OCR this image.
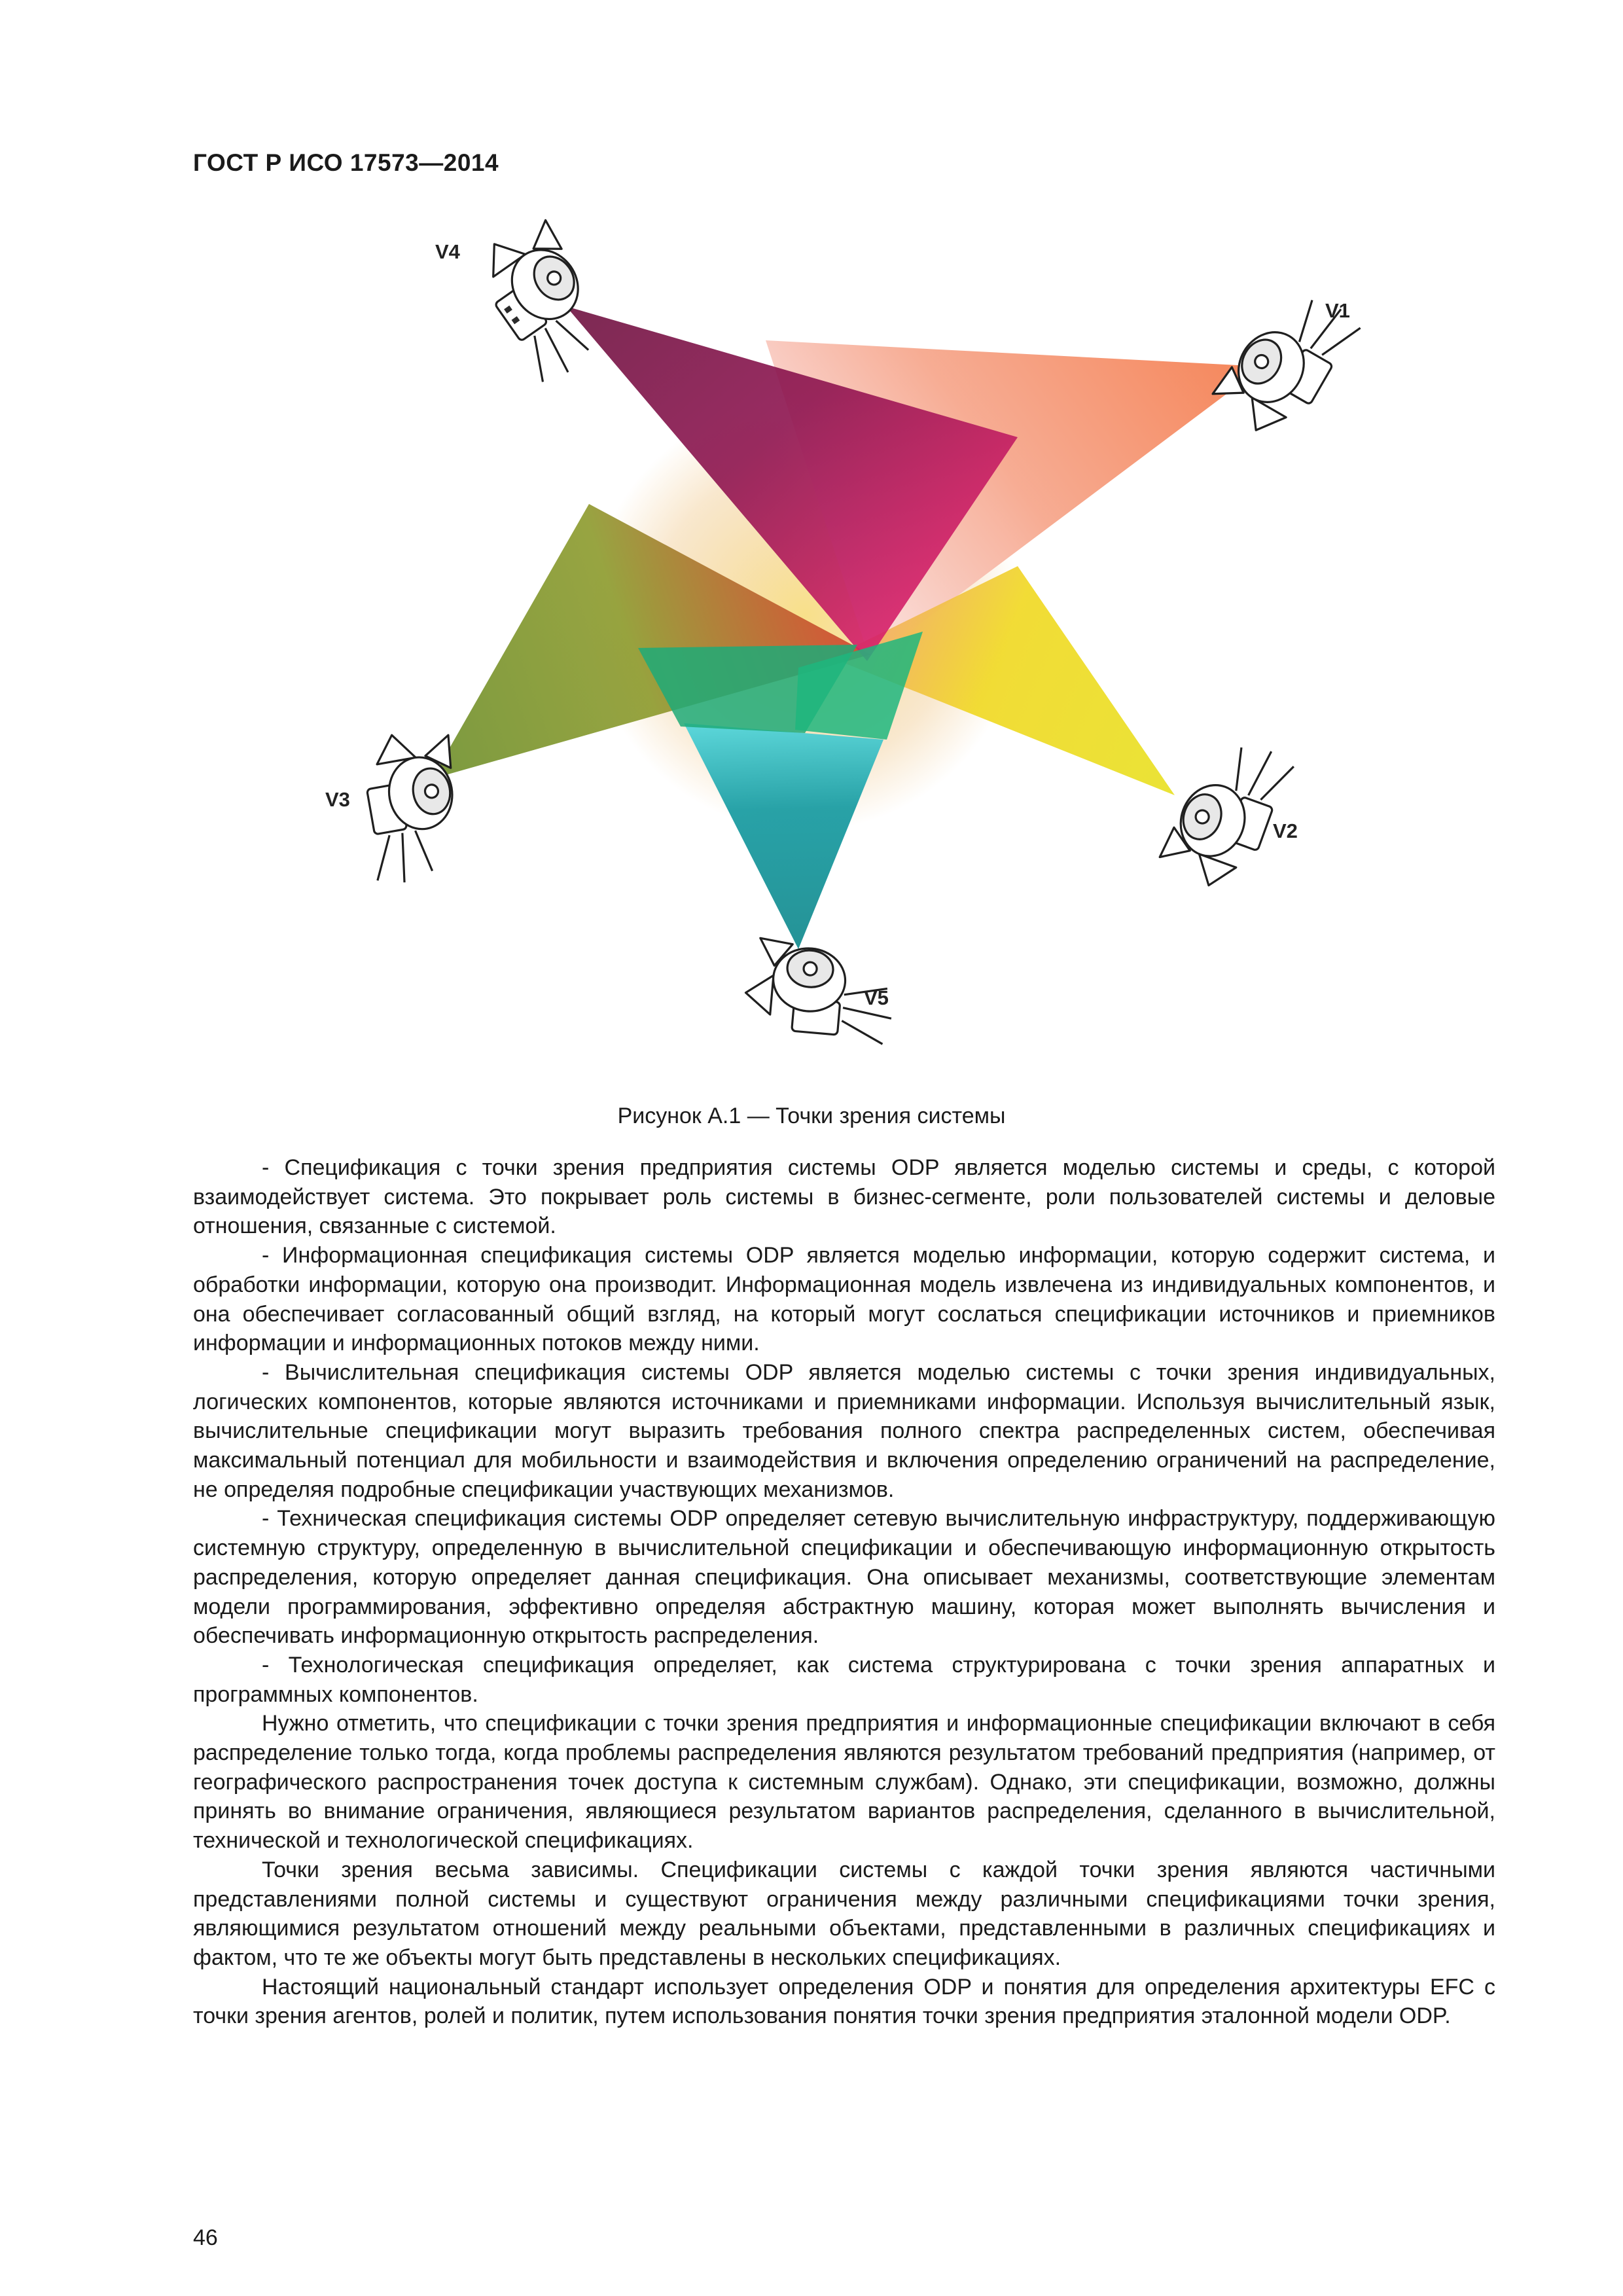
ГОСТ Р ИСО 17573—2014
V4
V1
V3
V2
V5

Рисунок А.1 — Точки зрения системы

- Спецификация с точки зрения предприятия системы ODP является моделью системы и среды, с которой взаимодействует система. Это покрывает роль системы в бизнес-сегменте, роли пользователей системы и деловые отношения, связанные с системой.

- Информационная спецификация системы ODP является моделью информации, которую содержит система, и обработки информации, которую она производит. Информационная модель извлечена из индивидуальных компонентов, и она обеспечивает согласованный общий взгляд, на который могут сослаться спецификации источников и приемников информации и информационных потоков между ними.

- Вычислительная спецификация системы ODP является моделью системы с точки зрения индивидуальных, логических компонентов, которые являются источниками и приемниками информации. Используя вычислительный язык, вычислительные спецификации могут выразить требования полного спектра распределенных систем, обеспечивая максимальный потенциал для мобильности и взаимодействия и включения определению ограничений на распределение, не определяя подробные спецификации участвующих механизмов.

- Техническая спецификация системы ODP определяет сетевую вычислительную инфраструктуру, поддерживающую системную структуру, определенную в вычислительной спецификации и обеспечивающую информационную открытость распределения, которую определяет данная спецификация. Она описывает механизмы, соответствующие элементам модели программирования, эффективно определяя абстрактную машину, которая может выполнять вычисления и обеспечивать информационную открытость распределения.

- Технологическая спецификация определяет, как система структурирована с точки зрения аппаратных и программных компонентов.

Нужно отметить, что спецификации с точки зрения предприятия и информационные спецификации включают в себя распределение только тогда, когда проблемы распределения являются результатом требований предприятия (например, от географического распространения точек доступа к системным службам). Однако, эти спецификации, возможно, должны принять во внимание ограничения, являющиеся результатом вариантов распределения, сделанного в вычислительной, технической и технологической спецификациях.

Точки зрения весьма зависимы. Спецификации системы с каждой точки зрения являются частичными представлениями полной системы и существуют ограничения между различными спецификациями точки зрения, являющимися результатом отношений между реальными объектами, представленными в различных спецификациях и фактом, что те же объекты могут быть представлены в нескольких спецификациях.

Настоящий национальный стандарт использует определения ODP и понятия для определения архитектуры EFC с точки зрения агентов, ролей и политик, путем использования понятия точки зрения предприятия эталонной модели ODP.

46
